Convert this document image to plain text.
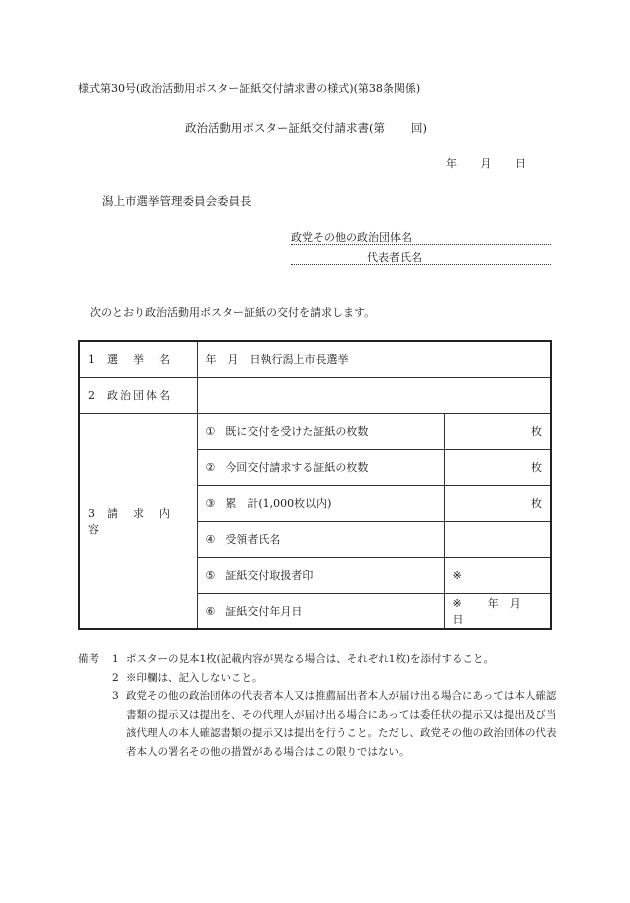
様式第30号(政治活動用ポスター証紙交付請求書の様式)(第38条関係)
政治活動用ポスター証紙交付請求書(第 回)
年 月 日
潟上市選挙管理委員会委員長
政党その他の政治団体名
代表者氏名
次のとおり政治活動用ポスター証紙の交付を請求します。
1 選　挙　名	年　月　日執行潟上市長選挙	
2 政治団体名		
3 請　求　内　容	① 既に交付を受けた証紙の枚数	枚
	② 今回交付請求する証紙の枚数	枚
	③ 累　計(1,000枚以内)	枚
	④ 受領者氏名	
	⑤ 証紙交付取扱者印	※
	⑥ 証紙交付年月日	※ 年　月　日
備考	1 ポスターの見本1枚(記載内容が異なる場合は、それぞれ1枚)を添付すること。
2 ※印欄は、記入しないこと。
3 政党その他の政治団体の代表者本人又は推薦届出者本人が届け出る場合にあっては本人確認書類の提示又は提出を、その代理人が届け出る場合にあっては委任状の提示又は提出及び当該代理人の本人確認書類の提示又は提出を行うこと。ただし、政党その他の政治団体の代表者本人の署名その他の措置がある場合はこの限りではない。
